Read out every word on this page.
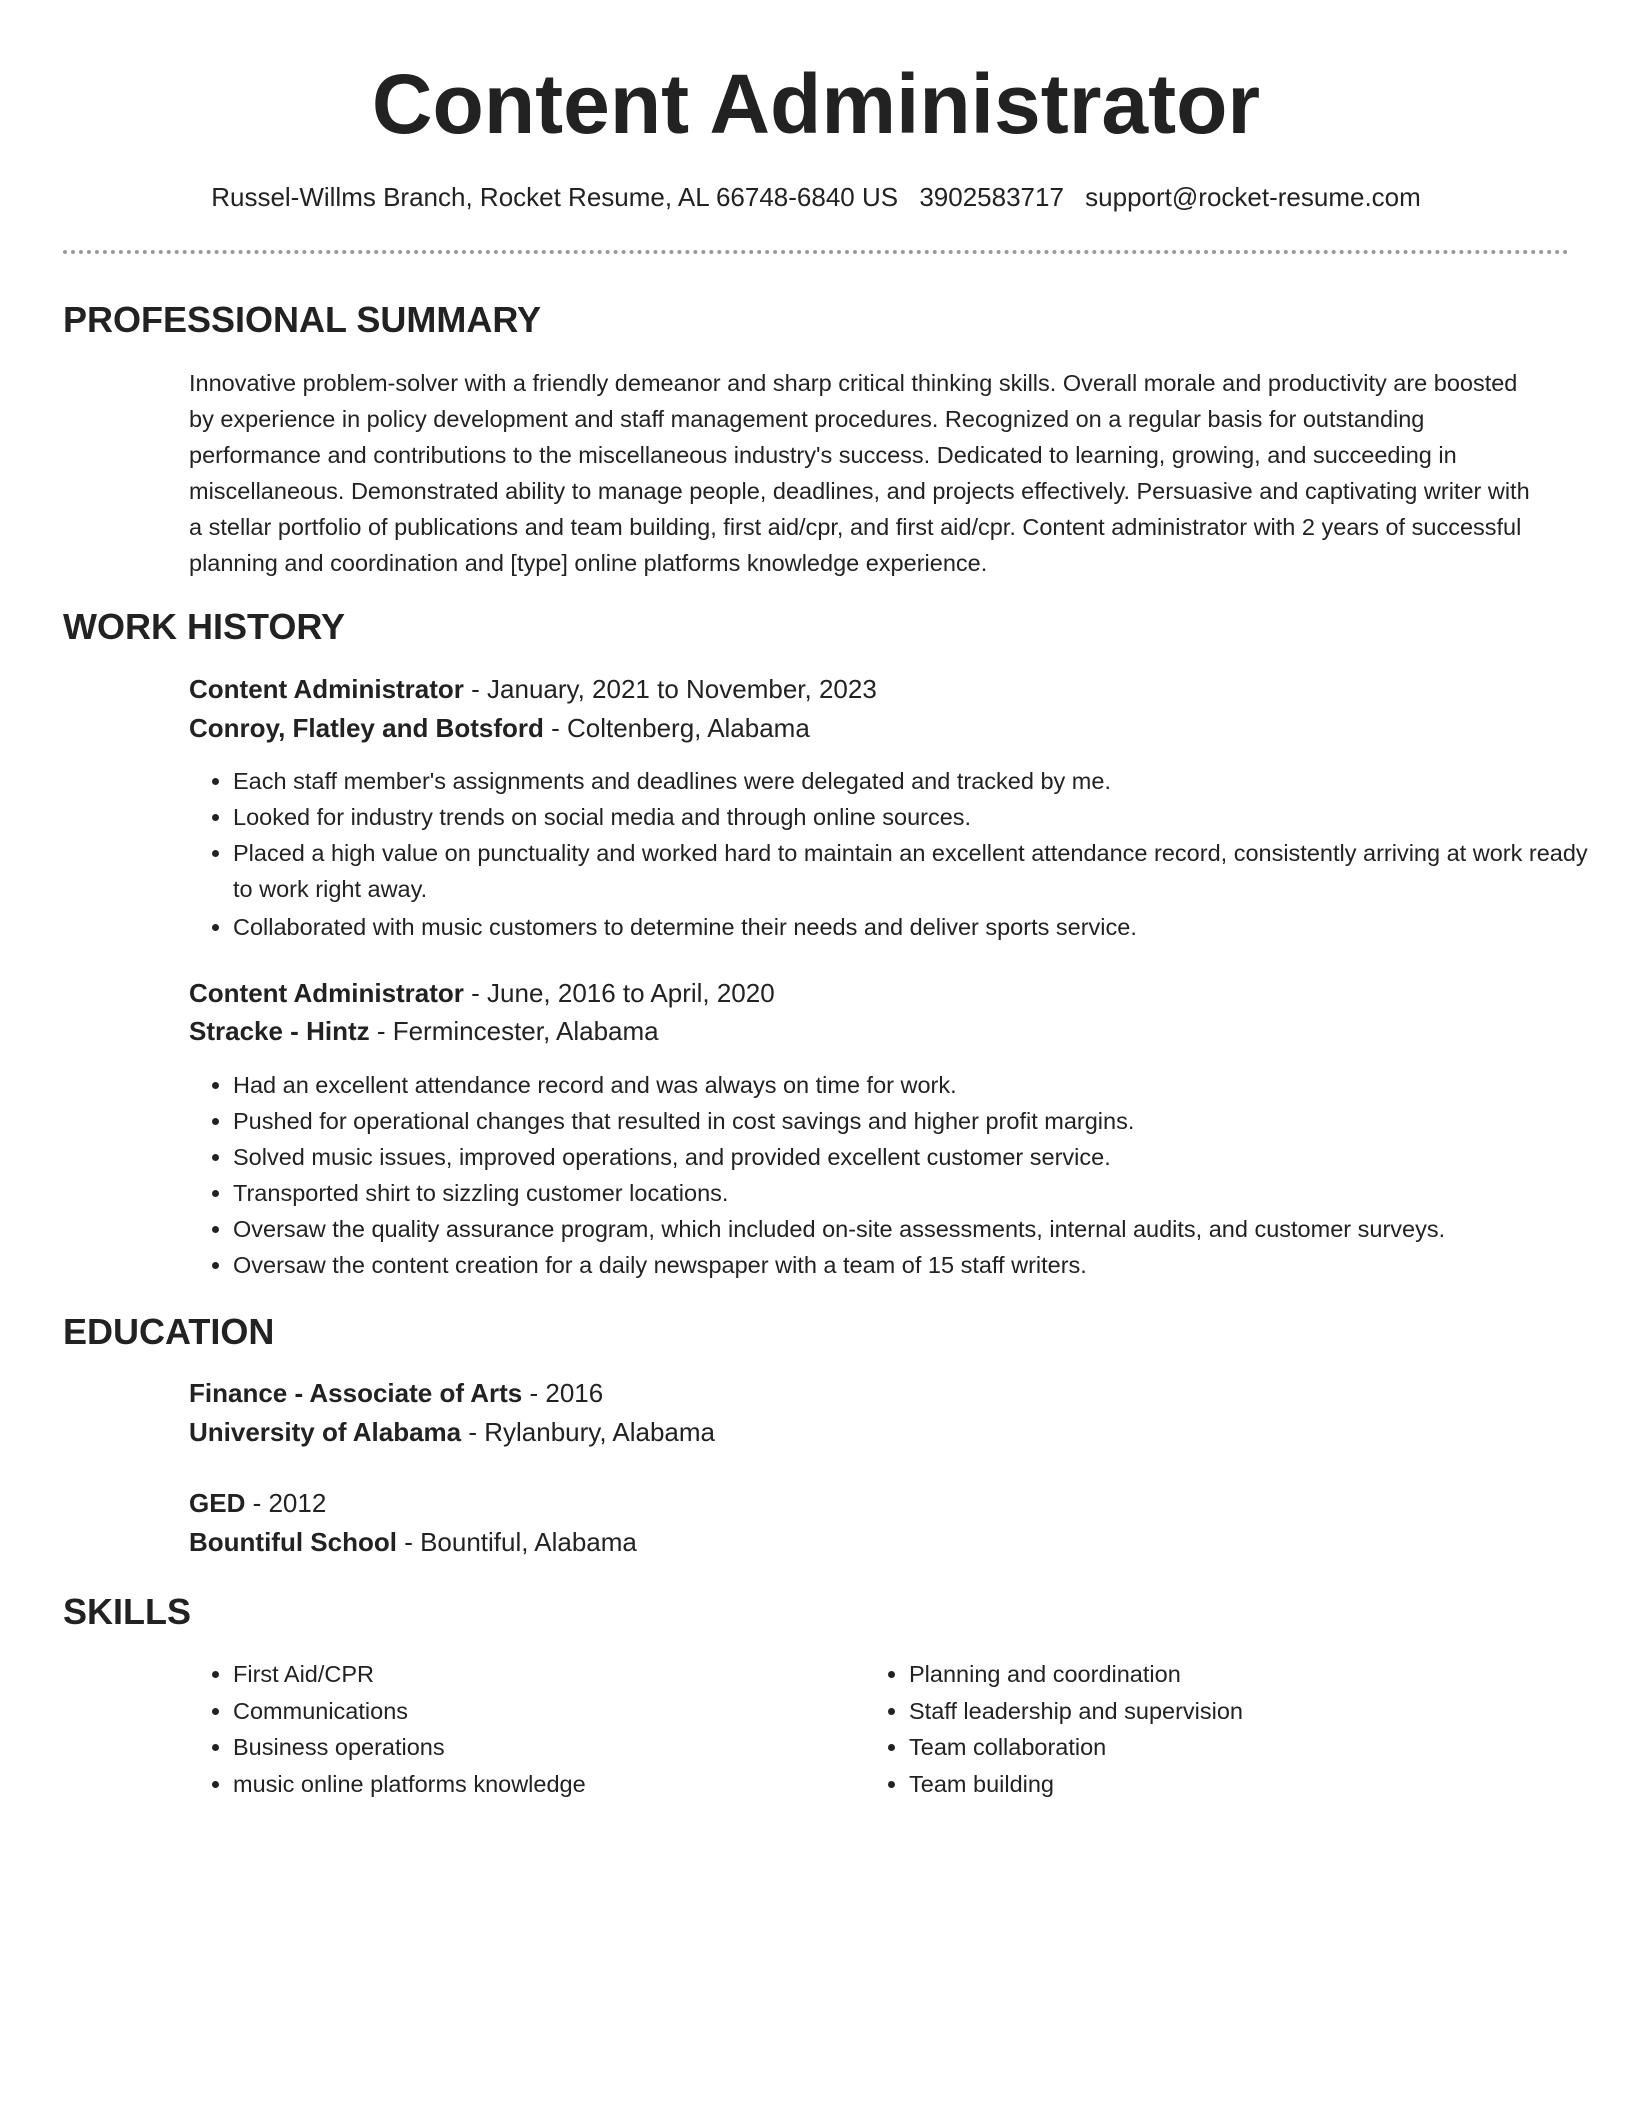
Content Administrator
Russel-Willms Branch, Rocket Resume, AL 66748-6840 US 3902583717 support@rocket-resume.com
PROFESSIONAL SUMMARY

Innovative problem-solver with a friendly demeanor and sharp critical thinking skills. Overall morale and productivity are boosted by experience in policy development and staff management procedures. Recognized on a regular basis for outstanding performance and contributions to the miscellaneous industry's success. Dedicated to learning, growing, and succeeding in miscellaneous. Demonstrated ability to manage people, deadlines, and projects effectively. Persuasive and captivating writer with a stellar portfolio of publications and team building, first aid/cpr, and first aid/cpr. Content administrator with 2 years of successful planning and coordination and [type] online platforms knowledge experience.

WORK HISTORY
Content Administrator - January, 2021 to November, 2023
Conroy, Flatley and Botsford - Coltenberg, Alabama
• Each staff member's assignments and deadlines were delegated and tracked by me.
• Looked for industry trends on social media and through online sources.
• Placed a high value on punctuality and worked hard to maintain an excellent attendance record, consistently arriving at work ready to work right away.
• Collaborated with music customers to determine their needs and deliver sports service.
Content Administrator - June, 2016 to April, 2020
Stracke - Hintz - Fermincester, Alabama
• Had an excellent attendance record and was always on time for work.
• Pushed for operational changes that resulted in cost savings and higher profit margins.
• Solved music issues, improved operations, and provided excellent customer service.
• Transported shirt to sizzling customer locations.
• Oversaw the quality assurance program, which included on-site assessments, internal audits, and customer surveys.
• Oversaw the content creation for a daily newspaper with a team of 15 staff writers.
EDUCATION
Finance - Associate of Arts - 2016
University of Alabama - Rylanbury, Alabama
GED - 2012
Bountiful School - Bountiful, Alabama
SKILLS
• First Aid/CPR
• Communications
• Business operations
• music online platforms knowledge
• Planning and coordination
• Staff leadership and supervision
• Team collaboration
• Team building
